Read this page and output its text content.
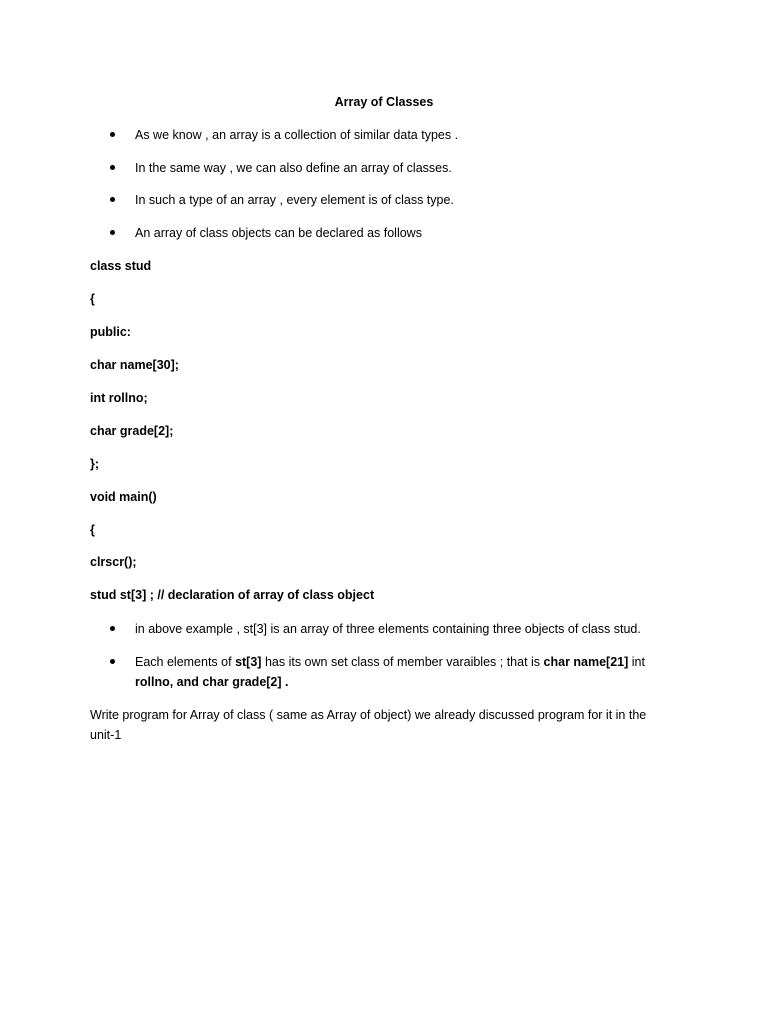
Array of Classes
As we know , an array is a collection of similar data types .
In the same way , we can also define an array of classes.
In such a type of an array , every element is of class type.
An array of class objects can be declared as follows
class stud
{
public:
char name[30];
int rollno;
char grade[2];
};
void main()
{
clrscr();
stud st[3] ; // declaration of array of class object
in above example , st[3] is an array of three elements containing three objects of class stud.
Each elements of st[3] has its own set class of member varaibles ; that is char name[21] int
rollno, and char grade[2] .
Write program for Array of class ( same as Array of object) we already discussed program for it in the
unit-1
